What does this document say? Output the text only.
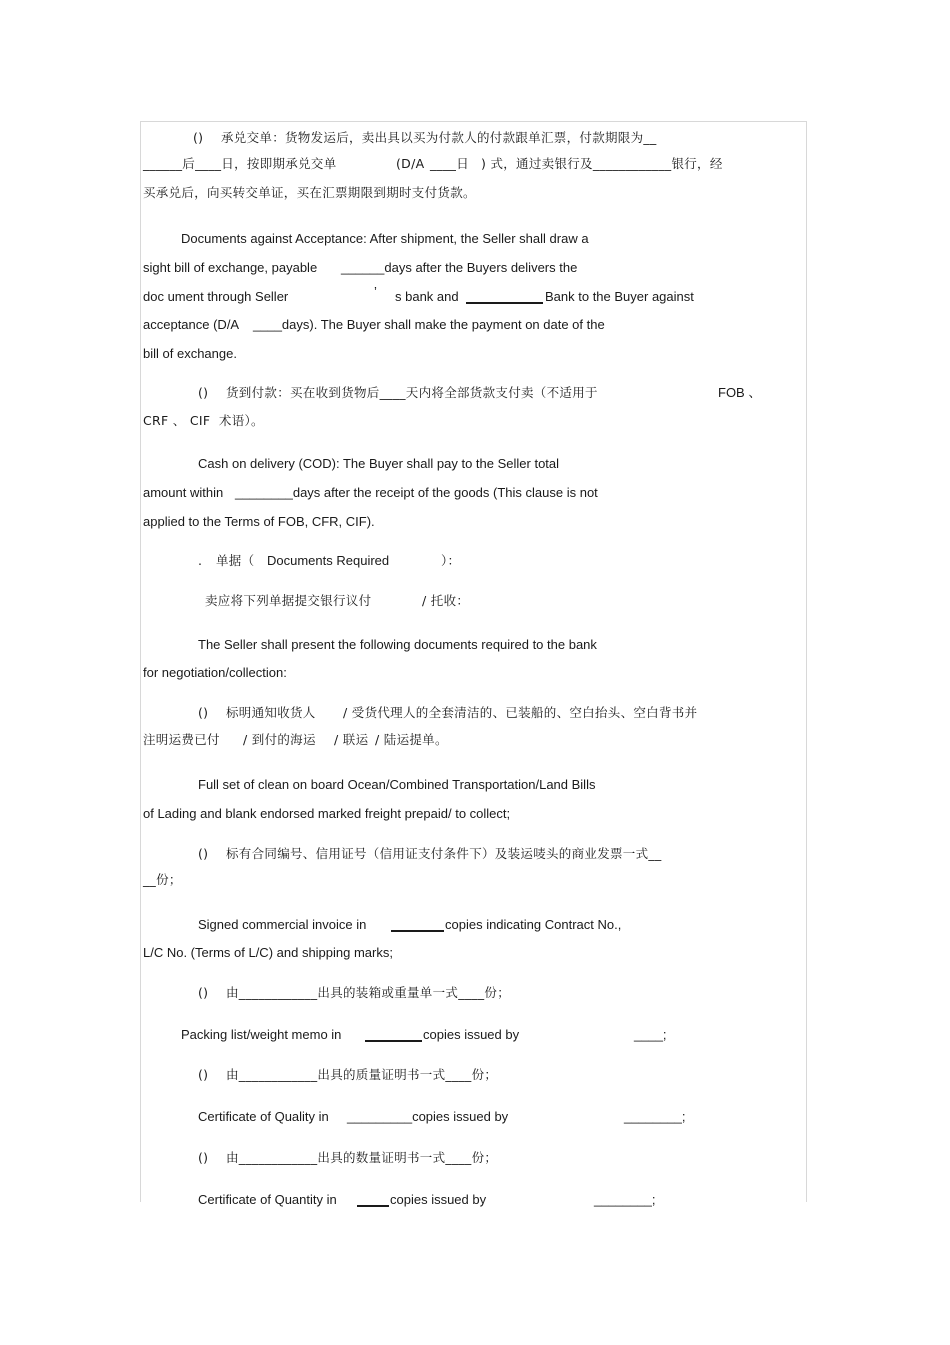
() 承兑交单：货物发运后，卖出具以买为付款人的付款跟单汇票，付款期限为__
______后____日，按即期承兑交单	(D/A ____日 ) 式，通过卖银行及____________银行，经
买承兑后，向买转交单证，买在汇票期限到期时支付货款。
Documents against Acceptance: After shipment, the Seller shall draw a
sight bill of exchange, payable ______days after the Buyers delivers the
doc ument through Seller	’ s bank and	Bank to the Buyer against
acceptance (D/A ____days). The Buyer shall make the payment on date of the
bill of exchange.
() 货到付款：买在收到货物后____天内将全部货款支付卖（不适用于	FOB 、
CRF 、 CIF  术语）。
Cash on delivery (COD): The Buyer shall pay to the Seller total
amount within ________days after the receipt of the goods (This clause is not
applied to the Terms of FOB, CFR, CIF).
. 单据（ Documents Required	）：
卖应将下列单据提交银行议付	/ 托收：
The Seller shall present the following documents required to the bank
for negotiation/collection:
() 标明通知收货人 / 受货代理人的全套清洁的、已装船的、空白抬头、空白背书并
注明运费已付 / 到付的海运 / 联运 / 陆运提单。
Full set of clean on board Ocean/Combined Transportation/Land Bills
of Lading and blank endorsed marked freight prepaid/ to collect;
() 标有合同编号、信用证号（信用证支付条件下）及装运唛头的商业发票一式__
__份；
Signed commercial invoice in	copies indicating Contract No.,
L/C No. (Terms of L/C) and shipping marks;
() 由____________出具的装箱或重量单一式____份；
Packing list/weight memo in	copies issued by	____;
() 由____________出具的质量证明书一式____份；
Certificate of Quality in _________copies issued by	________;
() 由____________出具的数量证明书一式____份；
Certificate of Quantity in	copies issued by	________;
